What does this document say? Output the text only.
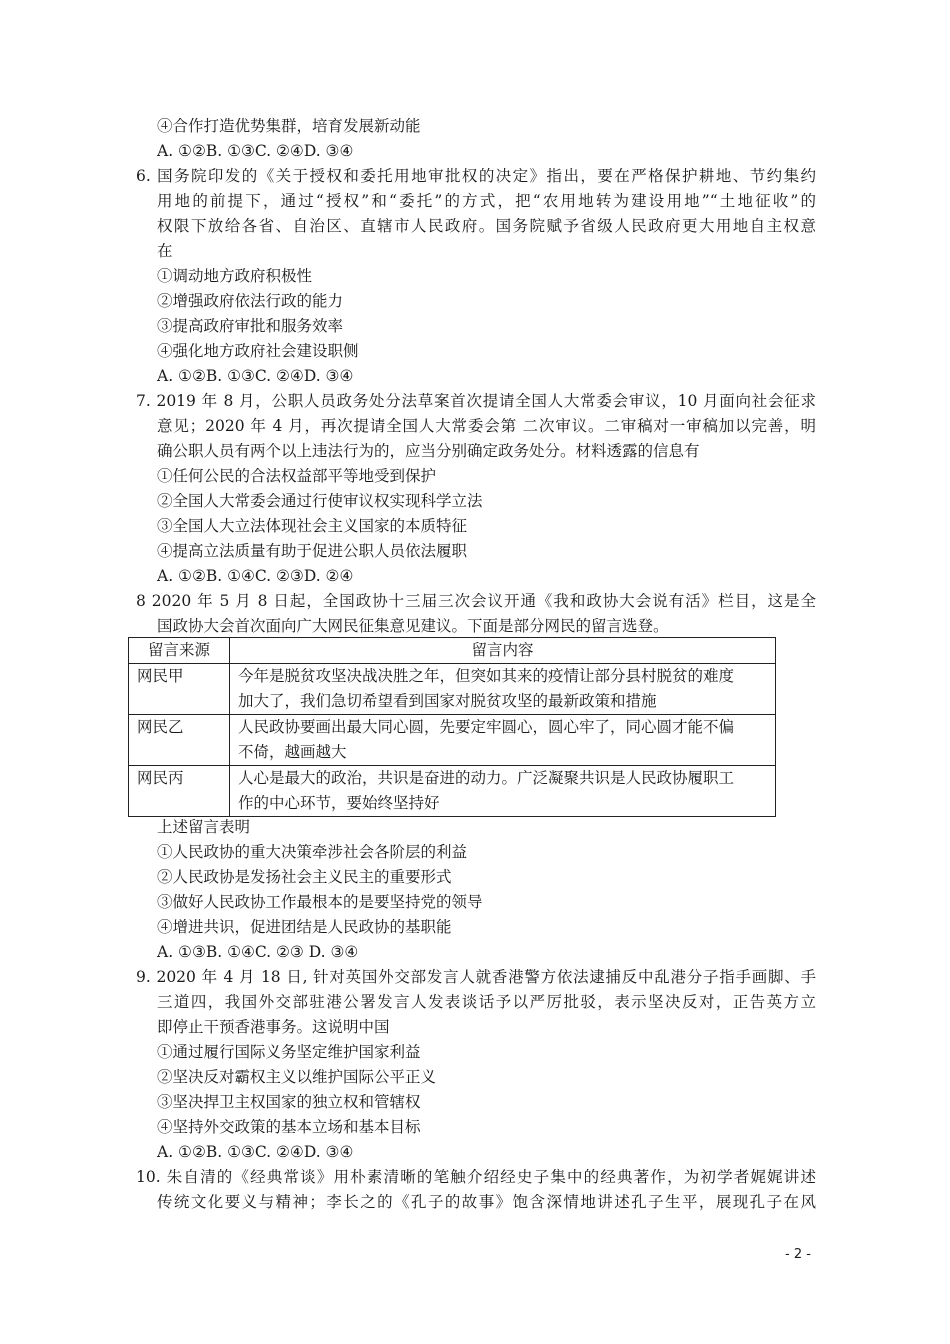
④合作打造优势集群，培育发展新动能
A. ①②B. ①③C. ②④D. ③④
6. 国务院印发的《关于授权和委托用地审批权的决定》指出，要在严格保护耕地、节约集约
用地的前提下，通过“授权”和“委托”的方式，把“农用地转为建设用地”“土地征收”的
权限下放给各省、自治区、直辖市人民政府。国务院赋予省级人民政府更大用地自主权意
在
①调动地方政府积极性
②增强政府依法行政的能力
③提高政府审批和服务效率
④强化地方政府社会建设职侧
A. ①②B. ①③C. ②④D. ③④
7. 2019 年 8 月，公职人员政务处分法草案首次提请全国人大常委会审议，10 月面向社会征求
意见；2020 年 4 月，再次提请全国人大常委会第 二次审议。二审稿对一审稿加以完善，明
确公职人员有两个以上违法行为的，应当分别确定政务处分。材料透露的信息有
①任何公民的合法权益部平等地受到保护
②全国人大常委会通过行使审议权实现科学立法
③全国人大立法体现社会主义国家的本质特征
④提高立法质量有助于促进公职人员依法履职
A. ①②B. ①④C. ②③D. ②④
8 2020 年 5 月 8 日起，全国政协十三届三次会议开通《我和政协大会说有活》栏目，这是全
国政协大会首次面向广大网民征集意见建议。下面是部分网民的留言选登。
留言来源	留言内容
网民甲	今年是脱贫攻坚决战决胜之年，但突如其来的疫情让部分县村脱贫的难度
加大了，我们急切希望看到国家对脱贫攻坚的最新政策和措施

网民乙	人民政协要画出最大同心圆，先要定牢圆心，圆心牢了，同心圆才能不偏
不倚，越画越大

网民丙	人心是最大的政治，共识是奋进的动力。广泛凝聚共识是人民政协履职工
作的中心环节，要始终坚持好
上述留言表明
①人民政协的重大决策牵涉社会各阶层的利益
②人民政协是发扬社会主义民主的重要形式
③做好人民政协工作最根本的是要坚持党的领导
④增进共识，促进团结是人民政协的基职能
A. ①③B. ①④C. ②③ D. ③④
9. 2020 年 4 月 18 日, 针对英国外交部发言人就香港警方依法逮捕反中乱港分子指手画脚、手
三道四，我国外交部驻港公署发言人发表谈话予以严厉批驳，表示坚决反对，正告英方立
即停止干预香港事务。这说明中国
①通过履行国际义务坚定维护国家利益
②坚决反对霸权主义以维护国际公平正义
③坚决捍卫主权国家的独立权和管辖权
④坚持外交政策的基本立场和基本目标
A. ①②B. ①③C. ②④D. ③④
10. 朱自清的《经典常谈》用朴素清晰的笔触介绍经史子集中的经典著作，为初学者娓娓讲述
传统文化要义与精神；李长之的《孔子的故事》饱含深情地讲述孔子生平，展现孔子在风
- 2 -
